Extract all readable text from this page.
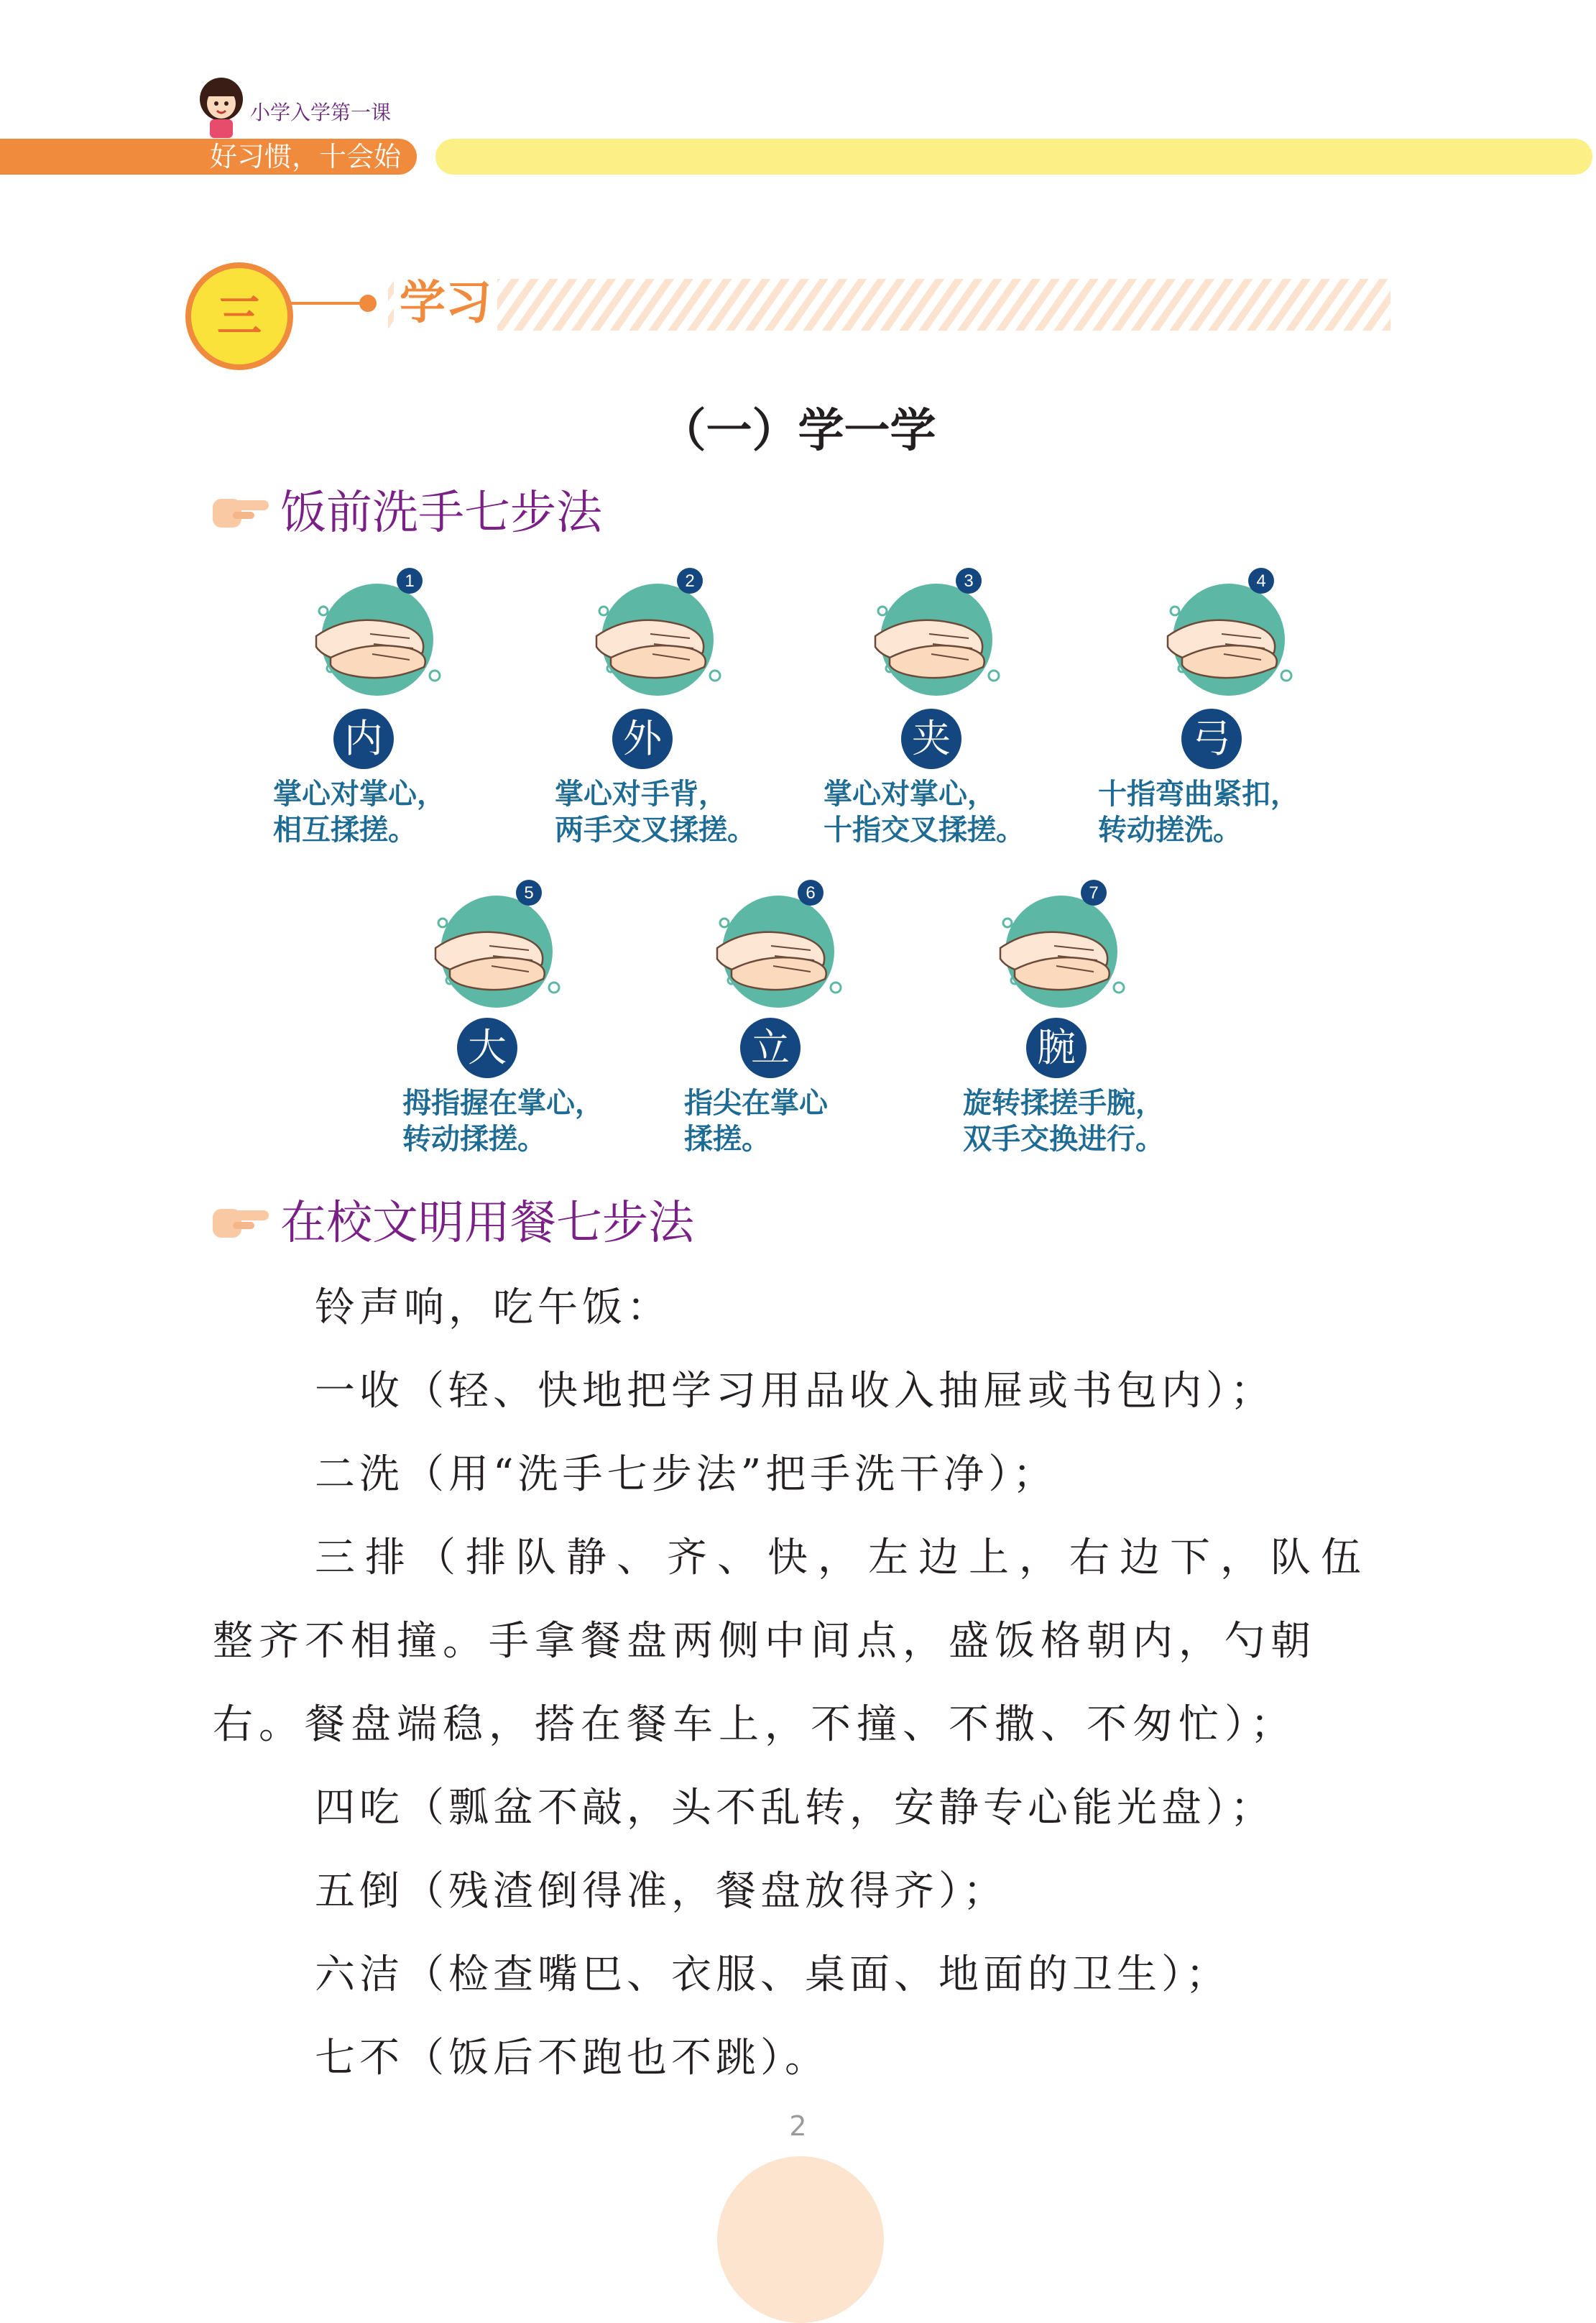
小学入学第一课
好习惯，十会始
三	学习
（一）学一学
饭前洗手七步法
1
内
掌心对掌心，
相互揉搓。
2
外
掌心对手背，
两手交叉揉搓。
3
夹
掌心对掌心，
十指交叉揉搓。
4
弓
十指弯曲紧扣，
转动搓洗。
5
大
拇指握在掌心，
转动揉搓。
6
立
指尖在掌心
揉搓。
7
腕
旋转揉搓手腕，
双手交换进行。
在校文明用餐七步法
铃声响，吃午饭：
一收（轻、快地把学习用品收入抽屉或书包内）；
二洗（用“洗手七步法”把手洗干净）；
三排（排队静、齐、快，左边上，右边下，队伍
整齐不相撞。手拿餐盘两侧中间点，盛饭格朝内，勺朝
右。餐盘端稳，搭在餐车上，不撞、不撒、不匆忙）；
四吃（瓢盆不敲，头不乱转，安静专心能光盘）；
五倒（残渣倒得准，餐盘放得齐）；
六洁（检查嘴巴、衣服、桌面、地面的卫生）；
七不（饭后不跑也不跳）。
2
